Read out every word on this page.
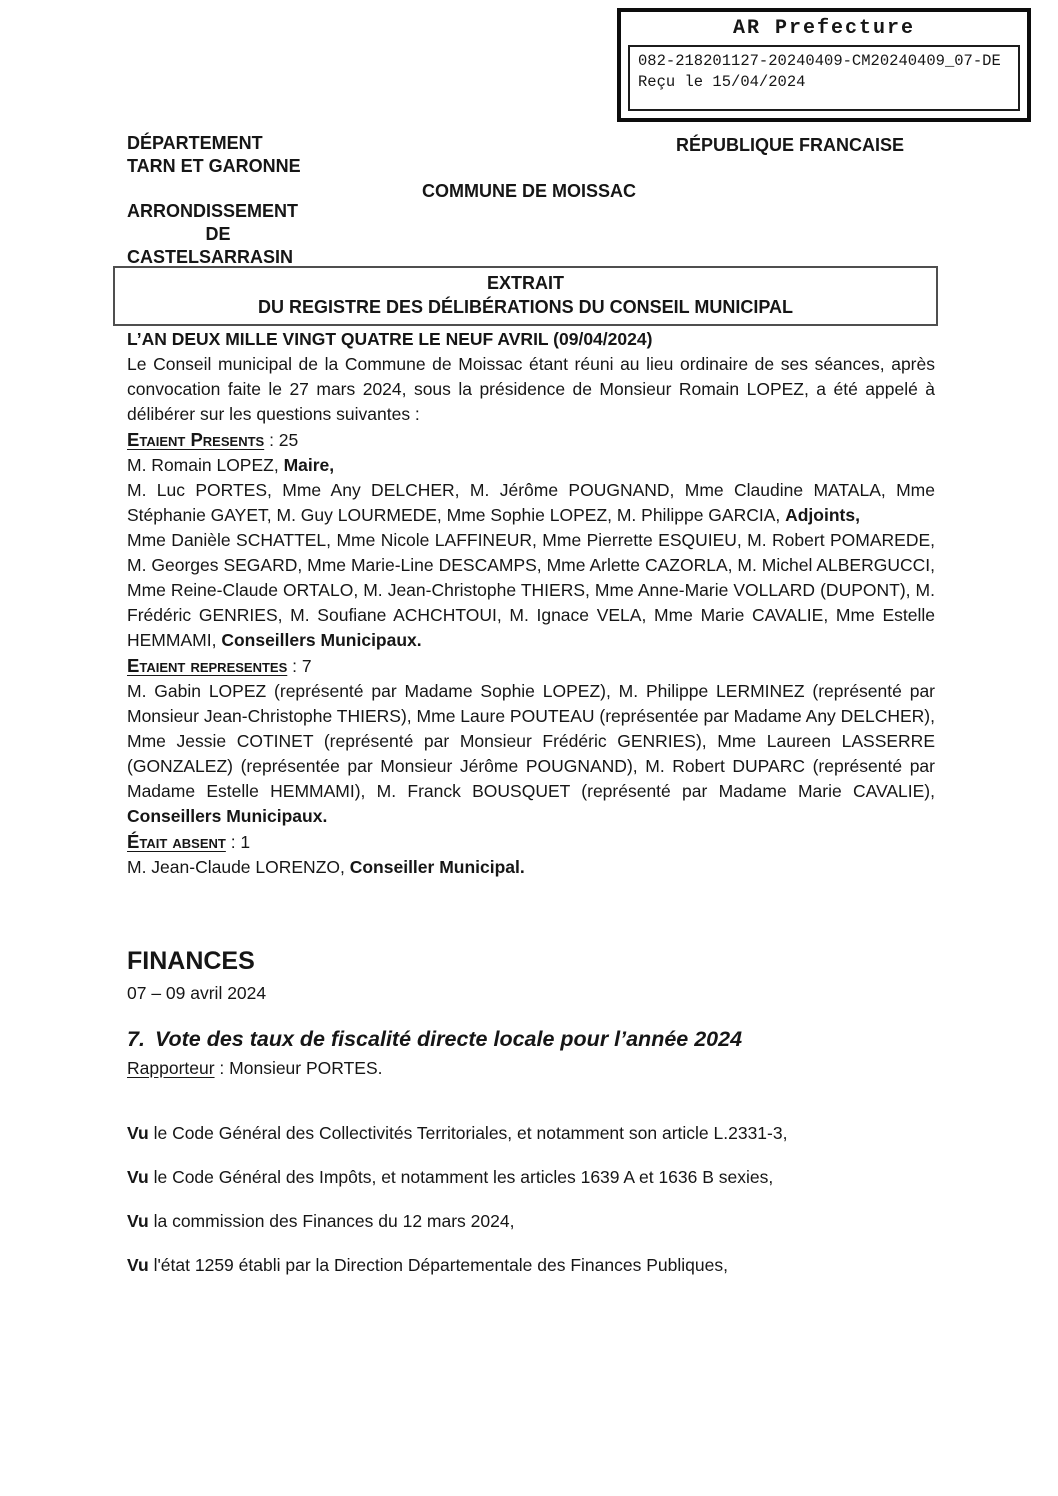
AR Prefecture
082-218201127-20240409-CM20240409_07-DE
Reçu le 15/04/2024
DÉPARTEMENT
TARN ET GARONNE
ARRONDISSEMENT
DE
CASTELSARRASIN
RÉPUBLIQUE FRANCAISE
COMMUNE DE MOISSAC
EXTRAIT
DU REGISTRE DES DÉLIBÉRATIONS DU CONSEIL MUNICIPAL
L’AN DEUX MILLE VINGT QUATRE LE NEUF AVRIL (09/04/2024)
Le Conseil municipal de la Commune de Moissac étant réuni au lieu ordinaire de ses séances, après convocation faite le 27 mars 2024, sous la présidence de Monsieur Romain LOPEZ, a été appelé à délibérer sur les questions suivantes :
Etaient Presents : 25
M. Romain LOPEZ, Maire,
M. Luc PORTES, Mme Any DELCHER, M. Jérôme POUGNAND, Mme Claudine MATALA, Mme Stéphanie GAYET, M. Guy LOURMEDE, Mme Sophie LOPEZ, M. Philippe GARCIA, Adjoints,
Mme Danièle SCHATTEL, Mme Nicole LAFFINEUR, Mme Pierrette ESQUIEU, M. Robert POMAREDE, M. Georges SEGARD, Mme Marie-Line DESCAMPS, Mme Arlette CAZORLA, M. Michel ALBERGUCCI, Mme Reine-Claude ORTALO, M. Jean-Christophe THIERS, Mme Anne-Marie VOLLARD (DUPONT), M. Frédéric GENRIES, M. Soufiane ACHCHTOUI, M. Ignace VELA, Mme Marie CAVALIE, Mme Estelle HEMMAMI, Conseillers Municipaux.
Etaient representes : 7
M. Gabin LOPEZ (représenté par Madame Sophie LOPEZ), M. Philippe LERMINEZ (représenté par Monsieur Jean-Christophe THIERS), Mme Laure POUTEAU (représentée par Madame Any DELCHER), Mme Jessie COTINET (représenté par Monsieur Frédéric GENRIES), Mme Laureen LASSERRE (GONZALEZ) (représentée par Monsieur Jérôme POUGNAND), M. Robert DUPARC (représenté par Madame Estelle HEMMAMI), M. Franck BOUSQUET (représenté par Madame Marie CAVALIE), Conseillers Municipaux.
Était absent : 1
M. Jean-Claude LORENZO, Conseiller Municipal.
FINANCES
07 – 09 avril 2024
7. Vote des taux de fiscalité directe locale pour l’année 2024
Rapporteur : Monsieur PORTES.
Vu le Code Général des Collectivités Territoriales, et notamment son article L.2331-3,
Vu le Code Général des Impôts, et notamment les articles 1639 A et 1636 B sexies,
Vu la commission des Finances du 12 mars 2024,
Vu l'état 1259 établi par la Direction Départementale des Finances Publiques,
